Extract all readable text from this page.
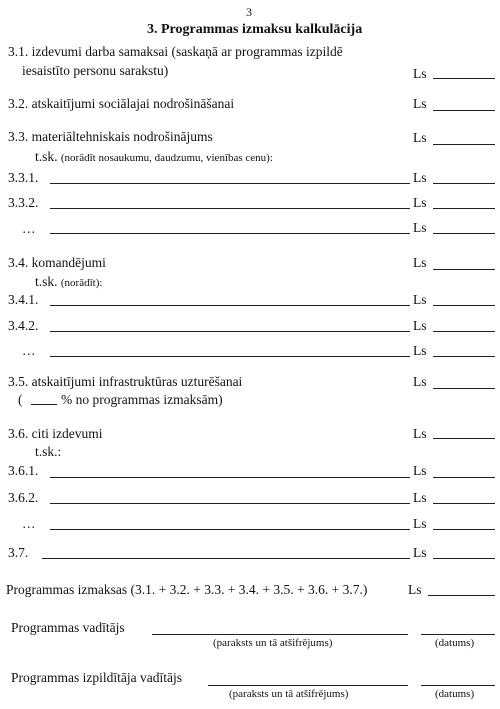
3
3. Programmas izmaksu kalkulācija
3.1. izdevumi darba samaksai (saskaņā ar programmas izpildē
iesaistīto personu sarakstu)	Ls
3.2. atskaitījumi sociālajai nodrošināšanai	Ls
3.3. materiāltehniskais nodrošinājums	Ls
t.sk. (norādīt nosaukumu, daudzumu, vienības cenu):
3.3.1.	Ls
3.3.2.	Ls
…	Ls
3.4. komandējumi	Ls
t.sk. (norādīt):
3.4.1.	Ls
3.4.2.	Ls
…	Ls
3.5. atskaitījumi infrastruktūras uzturēšanai	Ls
(	% no programmas izmaksām)
3.6. citi izdevumi	Ls
t.sk.:
3.6.1.	Ls
3.6.2.	Ls
…	Ls
3.7.	Ls
Programmas izmaksas (3.1. + 3.2. + 3.3. + 3.4. + 3.5. + 3.6. + 3.7.)	Ls
Programmas vadītājs
(paraksts un tā atšifrējums)	(datums)
Programmas izpildītāja vadītājs
(paraksts un tā atšifrējums)	(datums)
